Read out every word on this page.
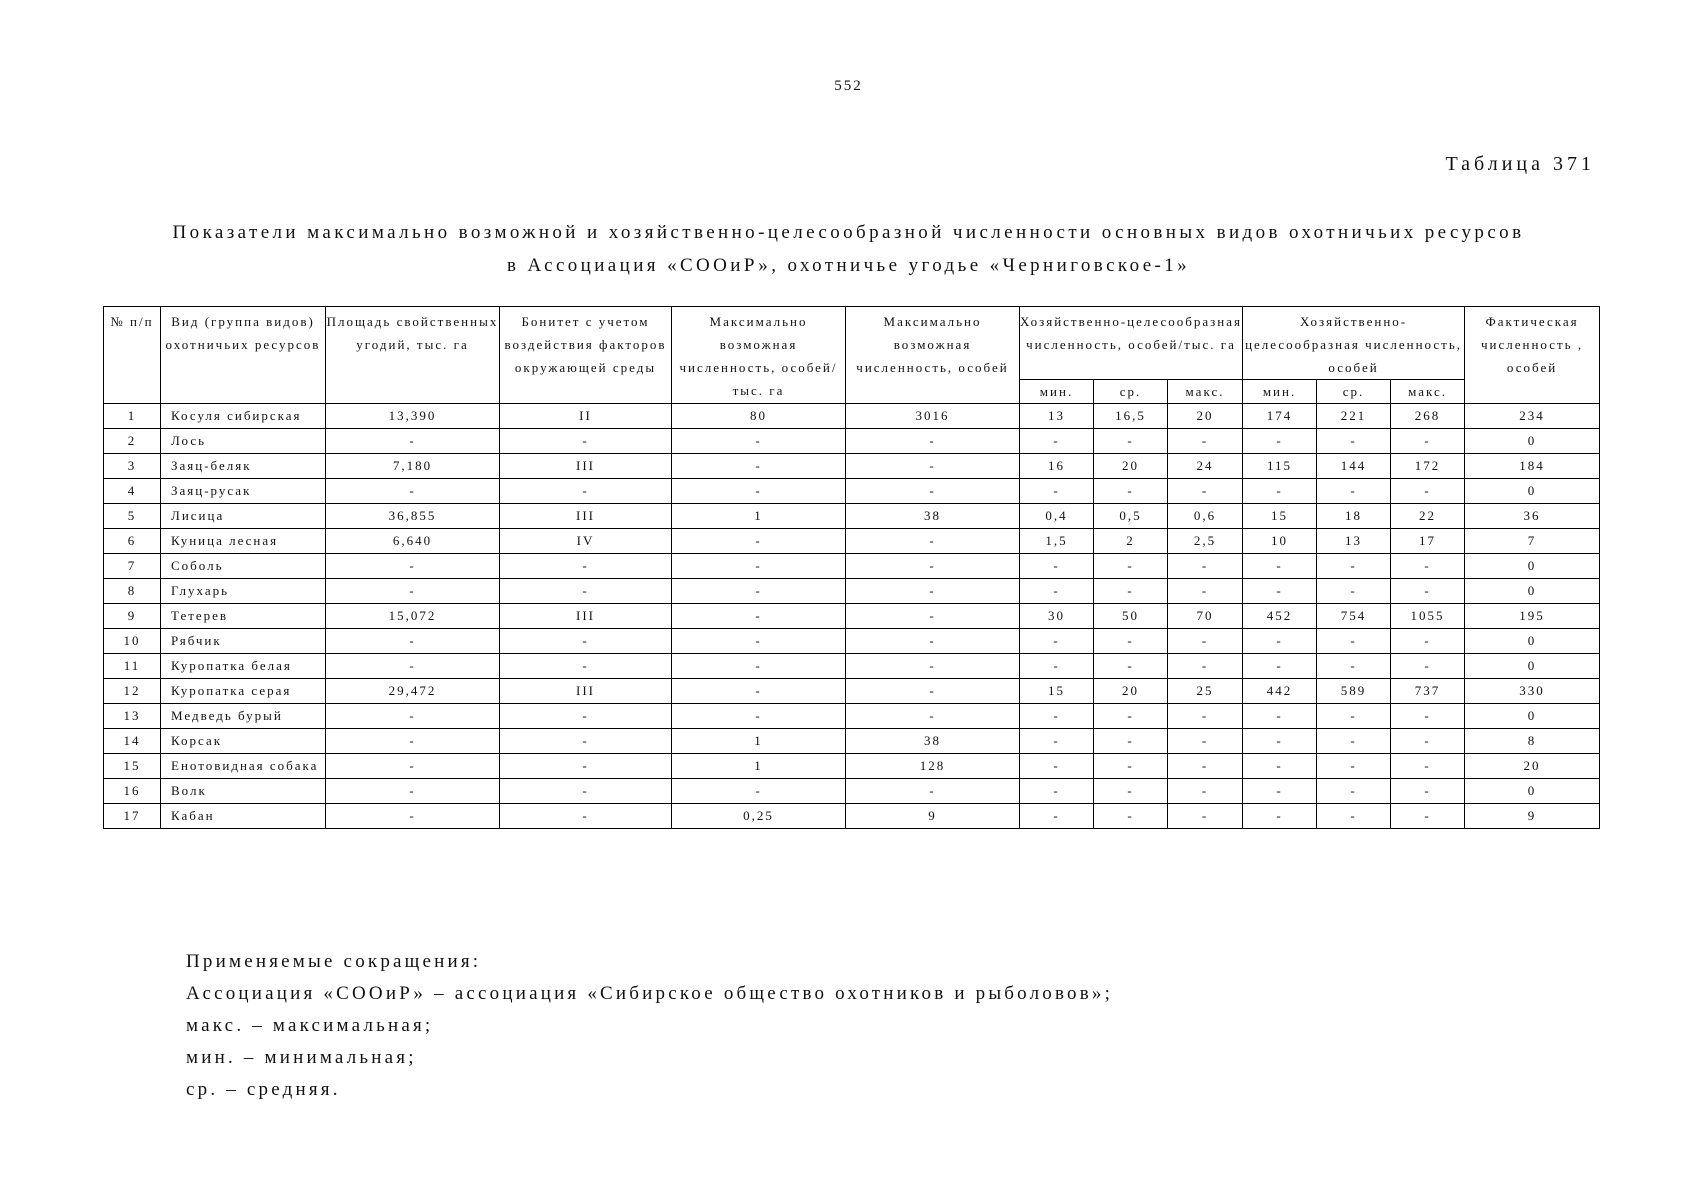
552
Таблица 371
Показатели максимально возможной и хозяйственно-целесообразной численности основных видов охотничьих ресурсов
в Ассоциация «СООиР», охотничье угодье «Черниговское-1»
№ п/п	Вид (группа видов) охотничьих ресурсов	Площадь свойственных угодий, тыс. га	Бонитет с учетом воздействия факторов окружающей среды	Максимально возможная численность, особей/тыс. га	Максимально возможная численность, особей	Хозяйственно-целесообразная численность, особей/тыс. га			Хозяйственно-целесообразная численность, особей			Фактическая численность , особей
						мин.	ср.	макс.	мин.	ср.	макс.	
1	Косуля сибирская	13,390	II	80	3016	13	16,5	20	174	221	268	234
2	Лось	-	-	-	-	-	-	-	-	-	-	0
3	Заяц-беляк	7,180	III	-	-	16	20	24	115	144	172	184
4	Заяц-русак	-	-	-	-	-	-	-	-	-	-	0
5	Лисица	36,855	III	1	38	0,4	0,5	0,6	15	18	22	36
6	Куница лесная	6,640	IV	-	-	1,5	2	2,5	10	13	17	7
7	Соболь	-	-	-	-	-	-	-	-	-	-	0
8	Глухарь	-	-	-	-	-	-	-	-	-	-	0
9	Тетерев	15,072	III	-	-	30	50	70	452	754	1055	195
10	Рябчик	-	-	-	-	-	-	-	-	-	-	0
11	Куропатка белая	-	-	-	-	-	-	-	-	-	-	0
12	Куропатка серая	29,472	III	-	-	15	20	25	442	589	737	330
13	Медведь бурый	-	-	-	-	-	-	-	-	-	-	0
14	Корсак	-	-	1	38	-	-	-	-	-	-	8
15	Енотовидная собака	-	-	1	128	-	-	-	-	-	-	20
16	Волк	-	-	-	-	-	-	-	-	-	-	0
17	Кабан	-	-	0,25	9	-	-	-	-	-	-	9
Применяемые сокращения:
Ассоциация «СООиР» – ассоциация «Сибирское общество охотников и рыболовов»;
макс. – максимальная;
мин. – минимальная;
ср. – средняя.
